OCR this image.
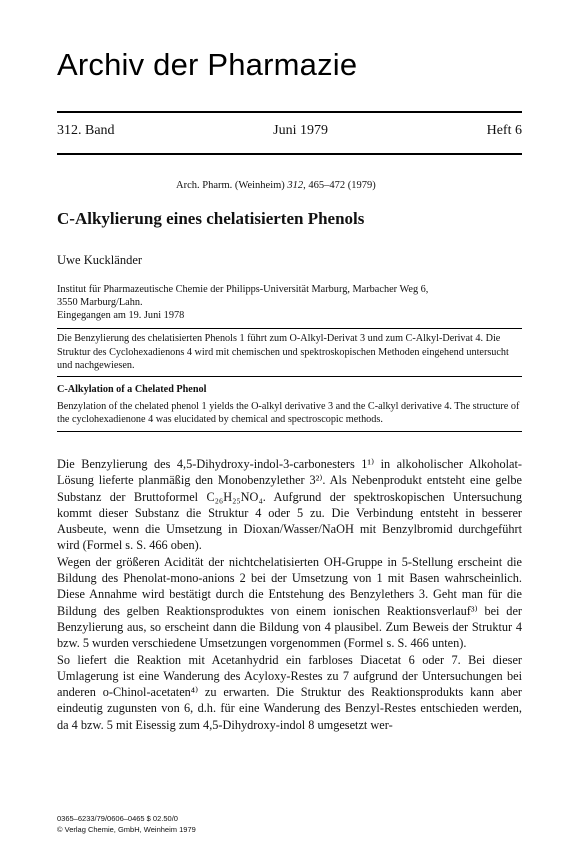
Archiv der Pharmazie
312. Band	Juni 1979	Heft 6
Arch. Pharm. (Weinheim) 312, 465–472 (1979)
C-Alkylierung eines chelatisierten Phenols
Uwe Kuckländer
Institut für Pharmazeutische Chemie der Philipps-Universität Marburg, Marbacher Weg 6,
3550 Marburg/Lahn.
Eingegangen am 19. Juni 1978
Die Benzylierung des chelatisierten Phenols 1 führt zum O-Alkyl-Derivat 3 und zum C-Alkyl-Derivat 4. Die Struktur des Cyclohexadienons 4 wird mit chemischen und spektroskopischen Methoden eingehend untersucht und nachgewiesen.
C-Alkylation of a Chelated Phenol
Benzylation of the chelated phenol 1 yields the O-alkyl derivative 3 and the C-alkyl derivative 4. The structure of the cyclohexadienone 4 was elucidated by chemical and spectroscopic methods.

Die Benzylierung des 4,5-Dihydroxy-indol-3-carbonesters 1¹⁾ in alkoholischer Alkoholat-Lösung lieferte planmäßig den Monobenzylether 3²⁾. Als Nebenprodukt entsteht eine gelbe Substanz der Bruttoformel C₂₆H₂₅NO₄. Aufgrund der spektroskopischen Untersuchung kommt dieser Substanz die Struktur 4 oder 5 zu. Die Verbindung entsteht in besserer Ausbeute, wenn die Umsetzung in Dioxan/Wasser/NaOH mit Benzylbromid durchgeführt wird (Formel s. S. 466 oben).

Wegen der größeren Acidität der nichtchelatisierten OH-Gruppe in 5-Stellung erscheint die Bildung des Phenolat-mono-anions 2 bei der Umsetzung von 1 mit Basen wahrscheinlich. Diese Annahme wird bestätigt durch die Entstehung des Benzylethers 3. Geht man für die Bildung des gelben Reaktionsproduktes von einem ionischen Reaktionsverlauf³⁾ bei der Benzylierung aus, so erscheint dann die Bildung von 4 plausibel. Zum Beweis der Struktur 4 bzw. 5 wurden verschiedene Umsetzungen vorgenommen (Formel s. S. 466 unten).

So liefert die Reaktion mit Acetanhydrid ein farbloses Diacetat 6 oder 7. Bei dieser Umlagerung ist eine Wanderung des Acyloxy-Restes zu 7 aufgrund der Untersuchungen bei anderen o-Chinol-acetaten⁴⁾ zu erwarten. Die Struktur des Reaktionsprodukts kann aber eindeutig zugunsten von 6, d.h. für eine Wanderung des Benzyl-Restes entschieden werden, da 4 bzw. 5 mit Eisessig zum 4,5-Dihydroxy-indol 8 umgesetzt wer-

0365–6233/79/0606–0465 $ 02.50/0
© Verlag Chemie, GmbH, Weinheim 1979
